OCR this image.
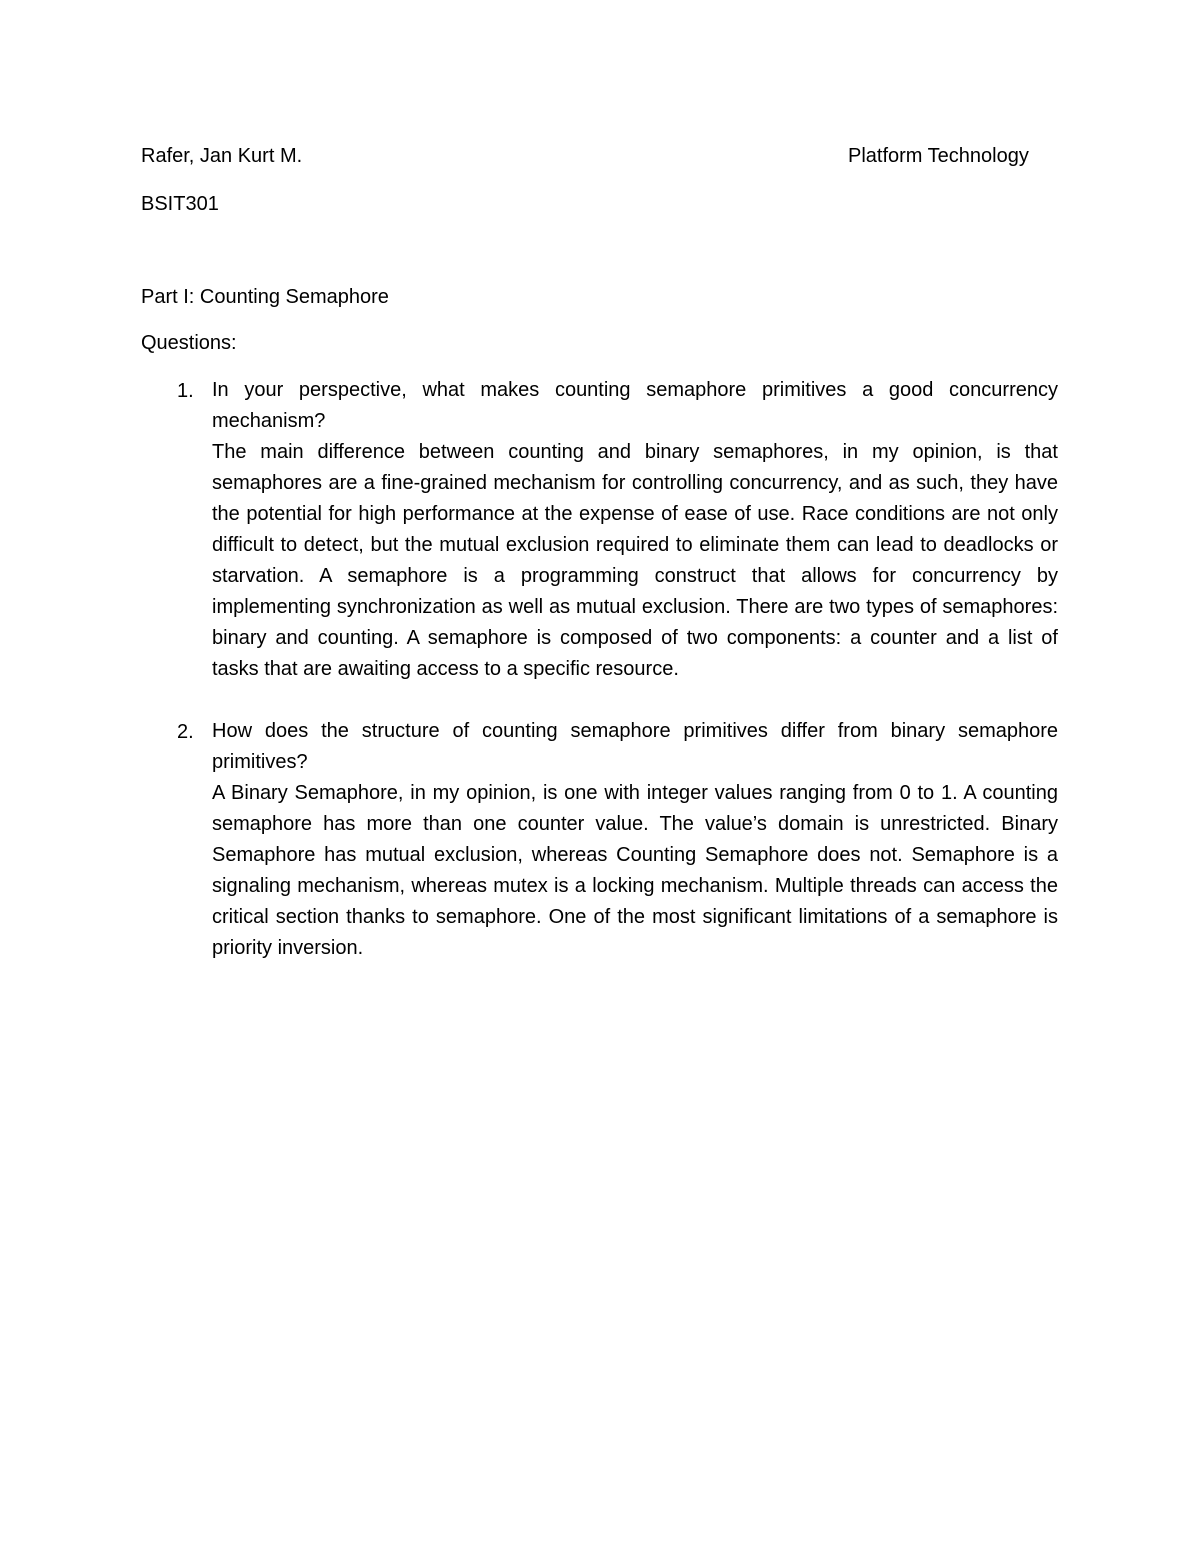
Rafer, Jan Kurt M.	Platform Technology
BSIT301
Part I: Counting Semaphore
Questions:
1. In your perspective, what makes counting semaphore primitives a good concurrency mechanism?
The main difference between counting and binary semaphores, in my opinion, is that semaphores are a fine-grained mechanism for controlling concurrency, and as such, they have the potential for high performance at the expense of ease of use. Race conditions are not only difficult to detect, but the mutual exclusion required to eliminate them can lead to deadlocks or starvation. A semaphore is a programming construct that allows for concurrency by implementing synchronization as well as mutual exclusion. There are two types of semaphores: binary and counting. A semaphore is composed of two components: a counter and a list of tasks that are awaiting access to a specific resource.
2. How does the structure of counting semaphore primitives differ from binary semaphore primitives?
A Binary Semaphore, in my opinion, is one with integer values ranging from 0 to 1. A counting semaphore has more than one counter value. The value’s domain is unrestricted. Binary Semaphore has mutual exclusion, whereas Counting Semaphore does not. Semaphore is a signaling mechanism, whereas mutex is a locking mechanism. Multiple threads can access the critical section thanks to semaphore. One of the most significant limitations of a semaphore is priority inversion.
